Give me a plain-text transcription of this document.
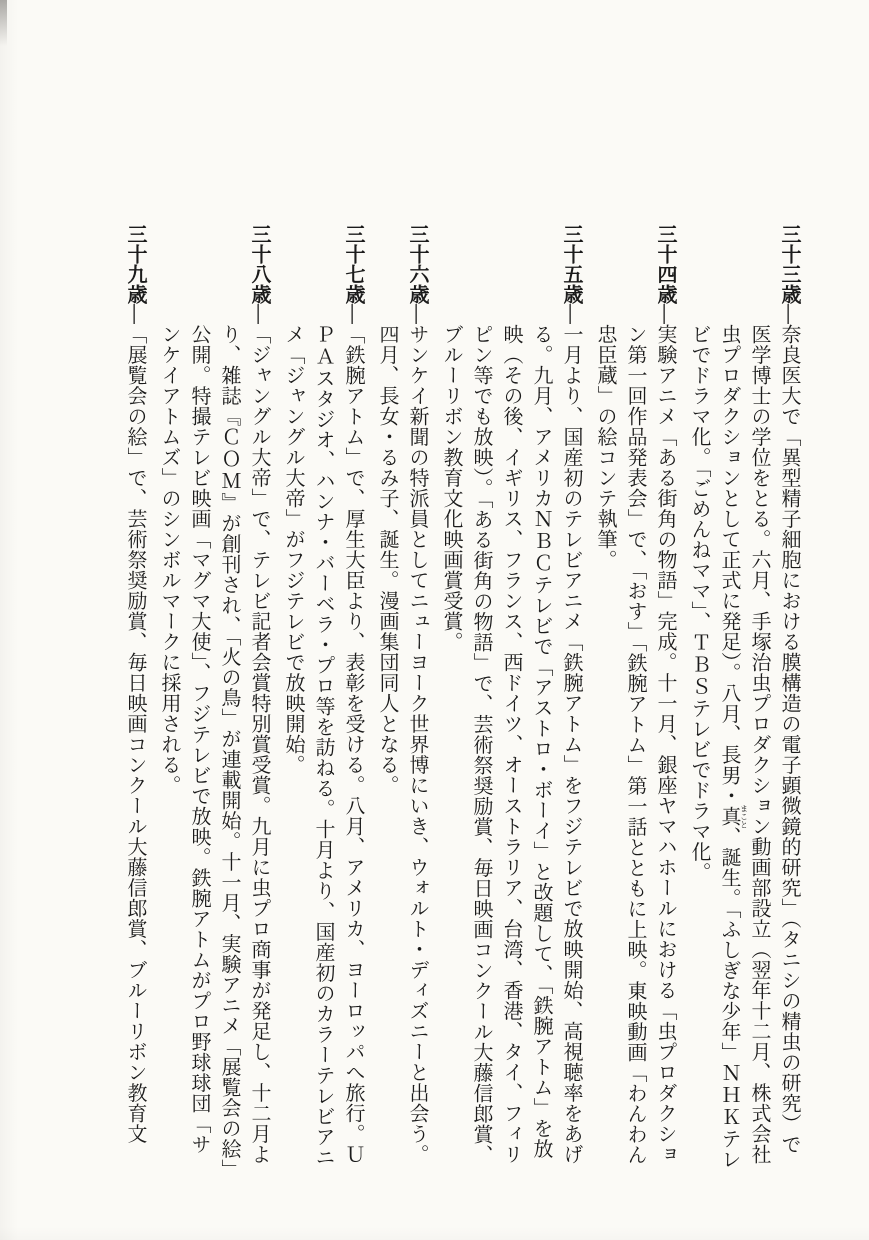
三十三歳―奈良医大で「異型精子細胞における膜構造の電子顕微鏡的研究」（タニシの精虫の研究）で医学博士の学位をとる。六月、手塚治虫プロダクション動画部設立（翌年十二月、株式会社虫プロダクションとして正式に発足）。八月、長男・真まこと、誕生。「ふしぎな少年」ＮＨＫテレビでドラマ化。「ごめんねママ」、ＴＢＳテレビでドラマ化。

三十四歳―実験アニメ「ある街角の物語」完成。十一月、銀座ヤマハホールにおける「虫プロダクション第一回作品発表会」で、「おす」「鉄腕アトム」第一話とともに上映。東映動画「わんわん忠臣蔵」の絵コンテ執筆。

三十五歳―一月より、国産初のテレビアニメ「鉄腕アトム」をフジテレビで放映開始、高視聴率をあげる。九月、アメリカＮＢＣテレビで「アストロ・ボーイ」と改題して、「鉄腕アトム」を放映（その後、イギリス、フランス、西ドイツ、オーストラリア、台湾、香港、タイ、フィリピン等でも放映）。「ある街角の物語」で、芸術祭奨励賞、毎日映画コンクール大藤信郎賞、ブルーリボン教育文化映画賞受賞。

三十六歳―サンケイ新聞の特派員としてニューヨーク世界博にいき、ウォルト・ディズニーと出会う。四月、長女・るみ子、誕生。漫画集団同人となる。

三十七歳―「鉄腕アトム」で、厚生大臣より、表彰を受ける。八月、アメリカ、ヨーロッパへ旅行。ＵＰＡスタジオ、ハンナ・バーベラ・プロ等を訪ねる。十月より、国産初のカラーテレビアニメ「ジャングル大帝」がフジテレビで放映開始。

三十八歳―「ジャングル大帝」で、テレビ記者会賞特別賞受賞。九月に虫プロ商事が発足し、十二月より、雑誌『ＣＯＭ』が創刊され、「火の鳥」が連載開始。十一月、実験アニメ「展覧会の絵」公開。特撮テレビ映画「マグマ大使」、フジテレビで放映。鉄腕アトムがプロ野球球団「サンケイアトムズ」のシンボルマークに採用される。

三十九歳―「展覧会の絵」で、芸術祭奨励賞、毎日映画コンクール大藤信郎賞、ブルーリボン教育文
